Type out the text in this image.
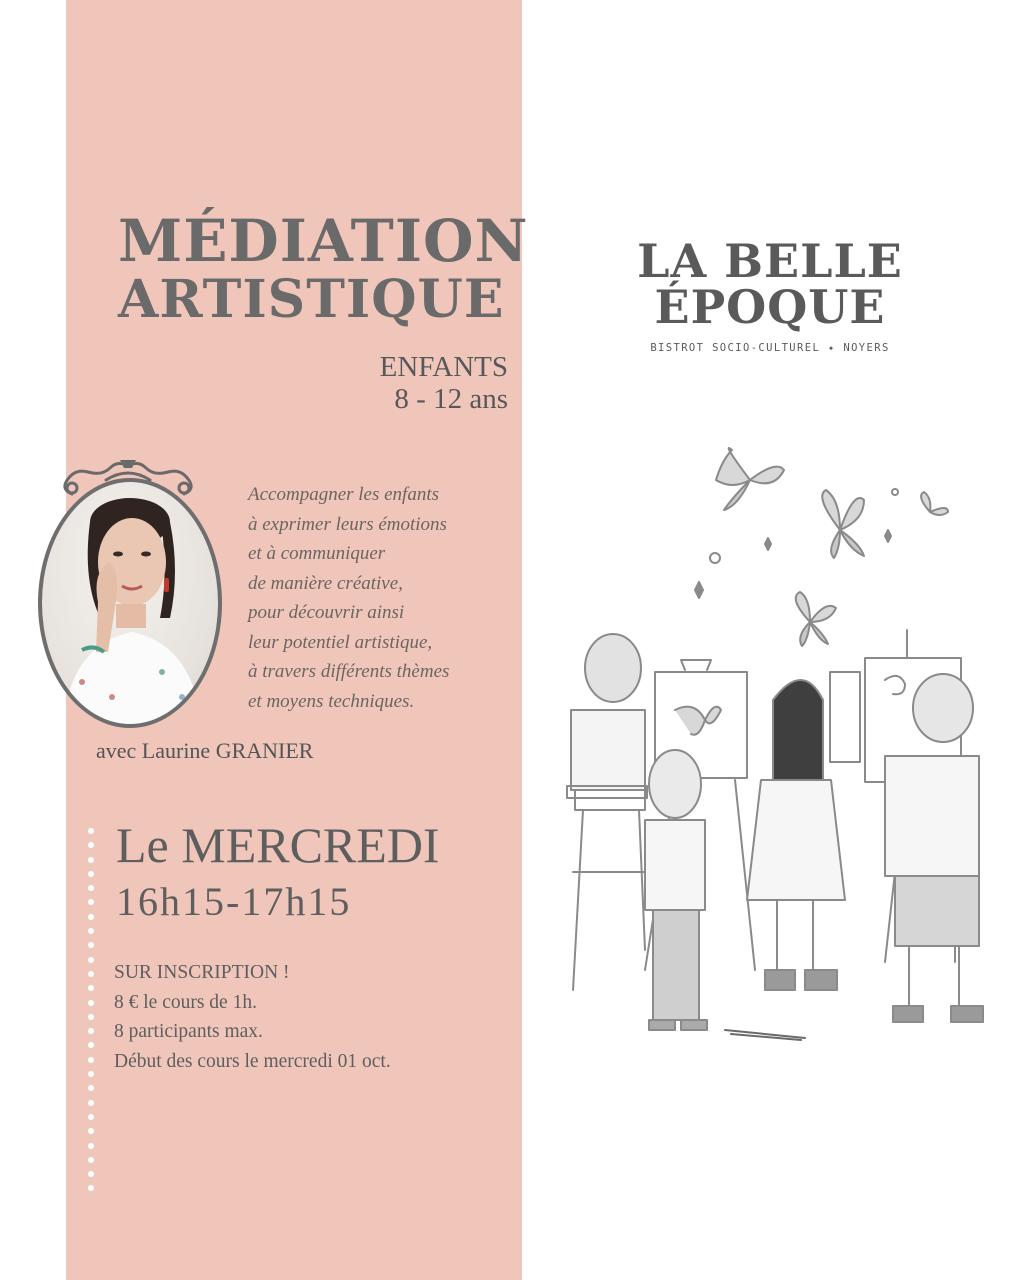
MÉDIATION
ARTISTIQUE
ENFANTS
8 - 12 ans
Accompagner les enfants
à exprimer leurs émotions
et à communiquer
de manière créative,
pour découvrir ainsi
leur potentiel artistique,
à travers différents thèmes
et moyens techniques.
avec Laurine GRANIER
Le MERCREDI
16h15-17h15
SUR INSCRIPTION !
8 € le cours de 1h.
8 participants max.
Début des cours le mercredi 01 oct.
LA BELLE ÉPOQUE
BISTROT SOCIO-CULTUREL ✦ NOYERS
